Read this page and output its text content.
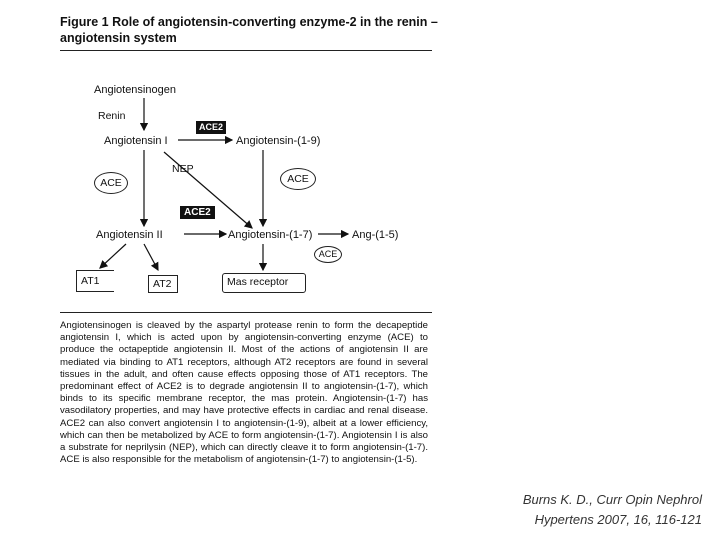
Figure 1 Role of angiotensin-converting enzyme-2 in the renin – angiotensin system
Angiotensinogen
Renin
Angiotensin I
ACE2
Angiotensin-(1-9)
NEP
ACE	ACE
ACE2
Angiotensin II	Angiotensin-(1-7)	Ang-(1-5)
ACE
AT1	AT2	Mas receptor
Angiotensinogen is cleaved by the aspartyl protease renin to form the decapeptide angiotensin I, which is acted upon by angiotensin-converting enzyme (ACE) to produce the octapeptide angiotensin II. Most of the actions of angiotensin II are mediated via binding to AT1 receptors, although AT2 receptors are found in several tissues in the adult, and often cause effects opposing those of AT1 receptors. The predominant effect of ACE2 is to degrade angiotensin II to angiotensin-(1-7), which binds to its specific membrane receptor, the mas protein. Angiotensin-(1-7) has vasodilatory properties, and may have protective effects in cardiac and renal disease. ACE2 can also convert angiotensin I to angiotensin-(1-9), albeit at a lower efficiency, which can then be metabolized by ACE to form angiotensin-(1-7). Angiotensin I is also a substrate for neprilysin (NEP), which can directly cleave it to form angiotensin-(1-7). ACE is also responsible for the metabolism of angiotensin-(1-7) to angiotensin-(1-5).
Burns K. D., Curr Opin Nephrol
Hypertens 2007, 16, 116-121
